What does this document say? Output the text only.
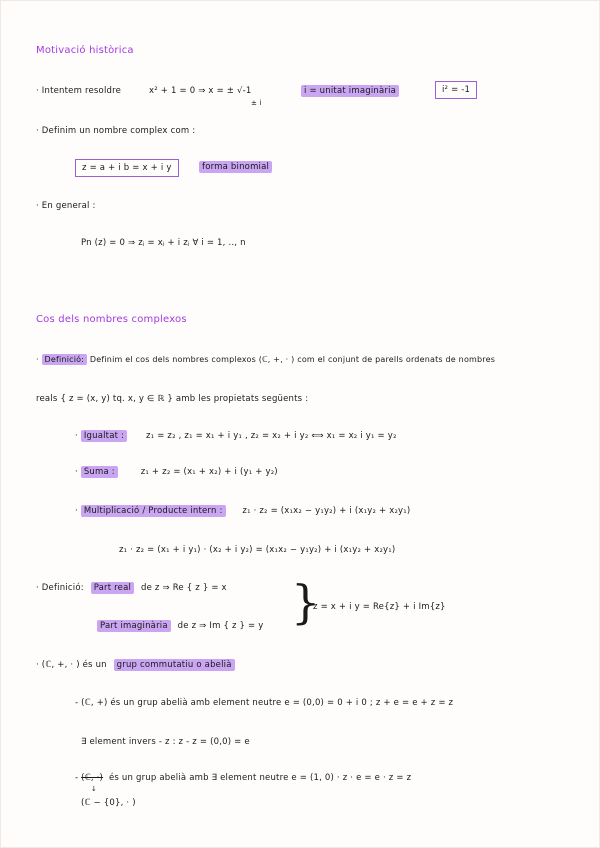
Motivació històrica
· Intentem resoldre	x² + 1 = 0 ⇒ x = ± √-1
± i
i = unitat imaginària	i² = -1
· Definim un nombre complex com :
z = a + i b = x + i y	forma binomial
· En general :
Pn (z) = 0 ⇒ zⱼ = xⱼ + i zⱼ ∀ i = 1, .., n
Cos dels nombres complexos
· Definició: Definim el cos dels nombres complexos (ℂ, +, · ) com el conjunt de parells ordenats de nombres
reals { z = (x, y) tq. x, y ∈ ℝ } amb les propietats següents :
· Igualtat :	z₁ = z₂ , z₁ = x₁ + i y₁ , z₂ = x₂ + i y₂ ⟺ x₁ = x₂ i y₁ = y₂
· Suma :	z₁ + z₂ = (x₁ + x₂) + i (y₁ + y₂)
· Multiplicació / Producte intern : z₁ · z₂ = (x₁x₂ − y₁y₂) + i (x₁y₂ + x₂y₁)
z₁ · z₂ = (x₁ + i y₁) · (x₂ + i y₂) = (x₁x₂ − y₁y₂) + i (x₁y₂ + x₂y₁)
· Definició: Part real de z ⇒ Re { z } = x
Part imaginària de z ⇒ Im { z } = y }
z = x + i y = Re{z} + i Im{z}
· (ℂ, +, · ) és un grup commutatiu o abelià
- (ℂ, +) és un grup abelià amb element neutre e = (0,0) = 0 + i 0 ; z + e = e + z = z
∃ element invers - z : z - z = (0,0) = e
- (ℂ, ·) és un grup abelià amb ∃ element neutre e = (1, 0) · z · e = e · z = z
↓
(ℂ − {0}, · )
